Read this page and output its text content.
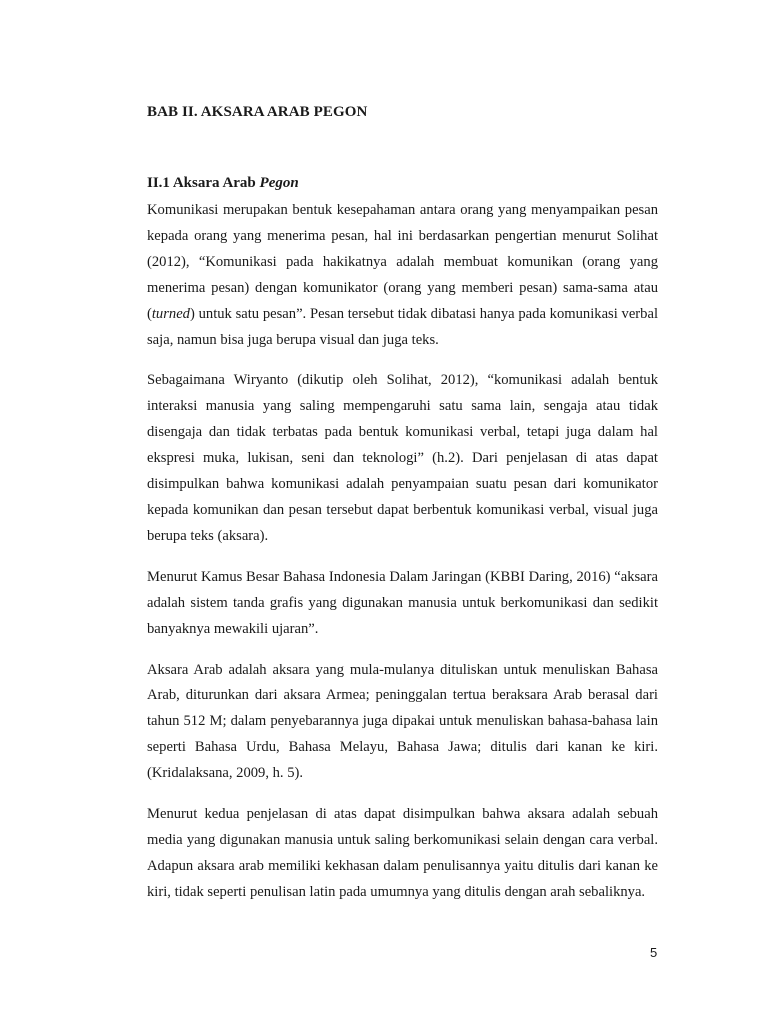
BAB II. AKSARA ARAB PEGON
II.1 Aksara Arab Pegon

Komunikasi merupakan bentuk kesepahaman antara orang yang menyampaikan pesan kepada orang yang menerima pesan, hal ini berdasarkan pengertian menurut Solihat (2012), “Komunikasi pada hakikatnya adalah membuat komunikan (orang yang menerima pesan) dengan komunikator (orang yang memberi pesan) sama-sama atau (turned) untuk satu pesan”. Pesan tersebut tidak dibatasi hanya pada komunikasi verbal saja, namun bisa juga berupa visual dan juga teks.

Sebagaimana Wiryanto (dikutip oleh Solihat, 2012), “komunikasi adalah bentuk interaksi manusia yang saling mempengaruhi satu sama lain, sengaja atau tidak disengaja dan tidak terbatas pada bentuk komunikasi verbal, tetapi juga dalam hal ekspresi muka, lukisan, seni dan teknologi” (h.2). Dari penjelasan di atas dapat disimpulkan bahwa komunikasi adalah penyampaian suatu pesan dari komunikator kepada komunikan dan pesan tersebut dapat berbentuk komunikasi verbal, visual juga berupa teks (aksara).

Menurut Kamus Besar Bahasa Indonesia Dalam Jaringan (KBBI Daring, 2016) “aksara adalah sistem tanda grafis yang digunakan manusia untuk berkomunikasi dan sedikit banyaknya mewakili ujaran”.

Aksara Arab adalah aksara yang mula-mulanya dituliskan untuk menuliskan Bahasa Arab, diturunkan dari aksara Armea; peninggalan tertua beraksara Arab berasal dari tahun 512 M; dalam penyebarannya juga dipakai untuk menuliskan bahasa-bahasa lain seperti Bahasa Urdu, Bahasa Melayu, Bahasa Jawa; ditulis dari kanan ke kiri. (Kridalaksana, 2009, h. 5).

Menurut kedua penjelasan di atas dapat disimpulkan bahwa aksara adalah sebuah media yang digunakan manusia untuk saling berkomunikasi selain dengan cara verbal. Adapun aksara arab memiliki kekhasan dalam penulisannya yaitu ditulis dari kanan ke kiri, tidak seperti penulisan latin pada umumnya yang ditulis dengan arah sebaliknya.

5
